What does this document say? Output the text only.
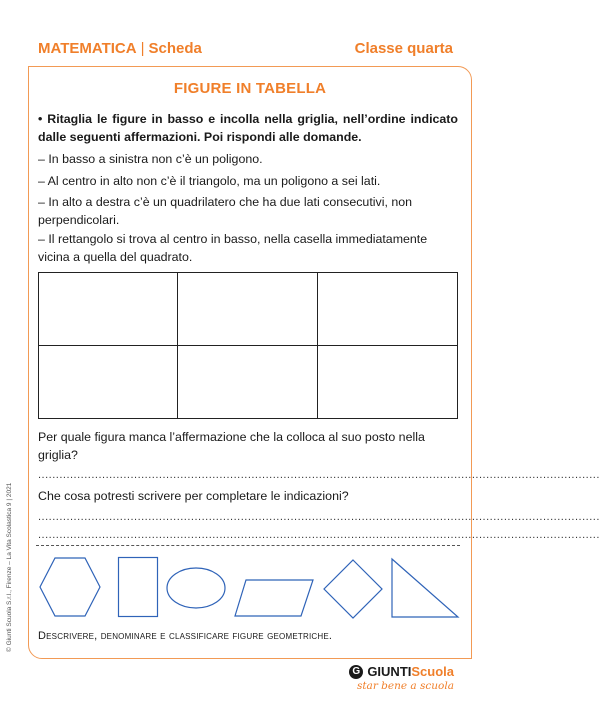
MATEMATICA | Scheda	Classe quarta
FIGURE IN TABELLA
• Ritaglia le figure in basso e incolla nella griglia, nell’ordine indicato dalle seguenti affermazioni. Poi rispondi alle domande.
– In basso a sinistra non c’è un poligono.
– Al centro in alto non c’è il triangolo, ma un poligono a sei lati.
– In alto a destra c’è un quadrilatero che ha due lati consecutivi, non perpendicolari.
– Il rettangolo si trova al centro in basso, nella casella immediatamente vicina a quella del quadrato.
Per quale figura manca l’affermazione che la colloca al suo posto nella griglia?
..............................................................................................................................................................
Che cosa potresti scrivere per completare le indicazioni?
..............................................................................................................................................................
..............................................................................................................................................................
Descrivere, denominare e classificare figure geometriche.
© Giunti Scuola S.r.l., Firenze – La Vita Scolastica 9 | 2021
G GIUNTI Scuola
star bene a scuola
